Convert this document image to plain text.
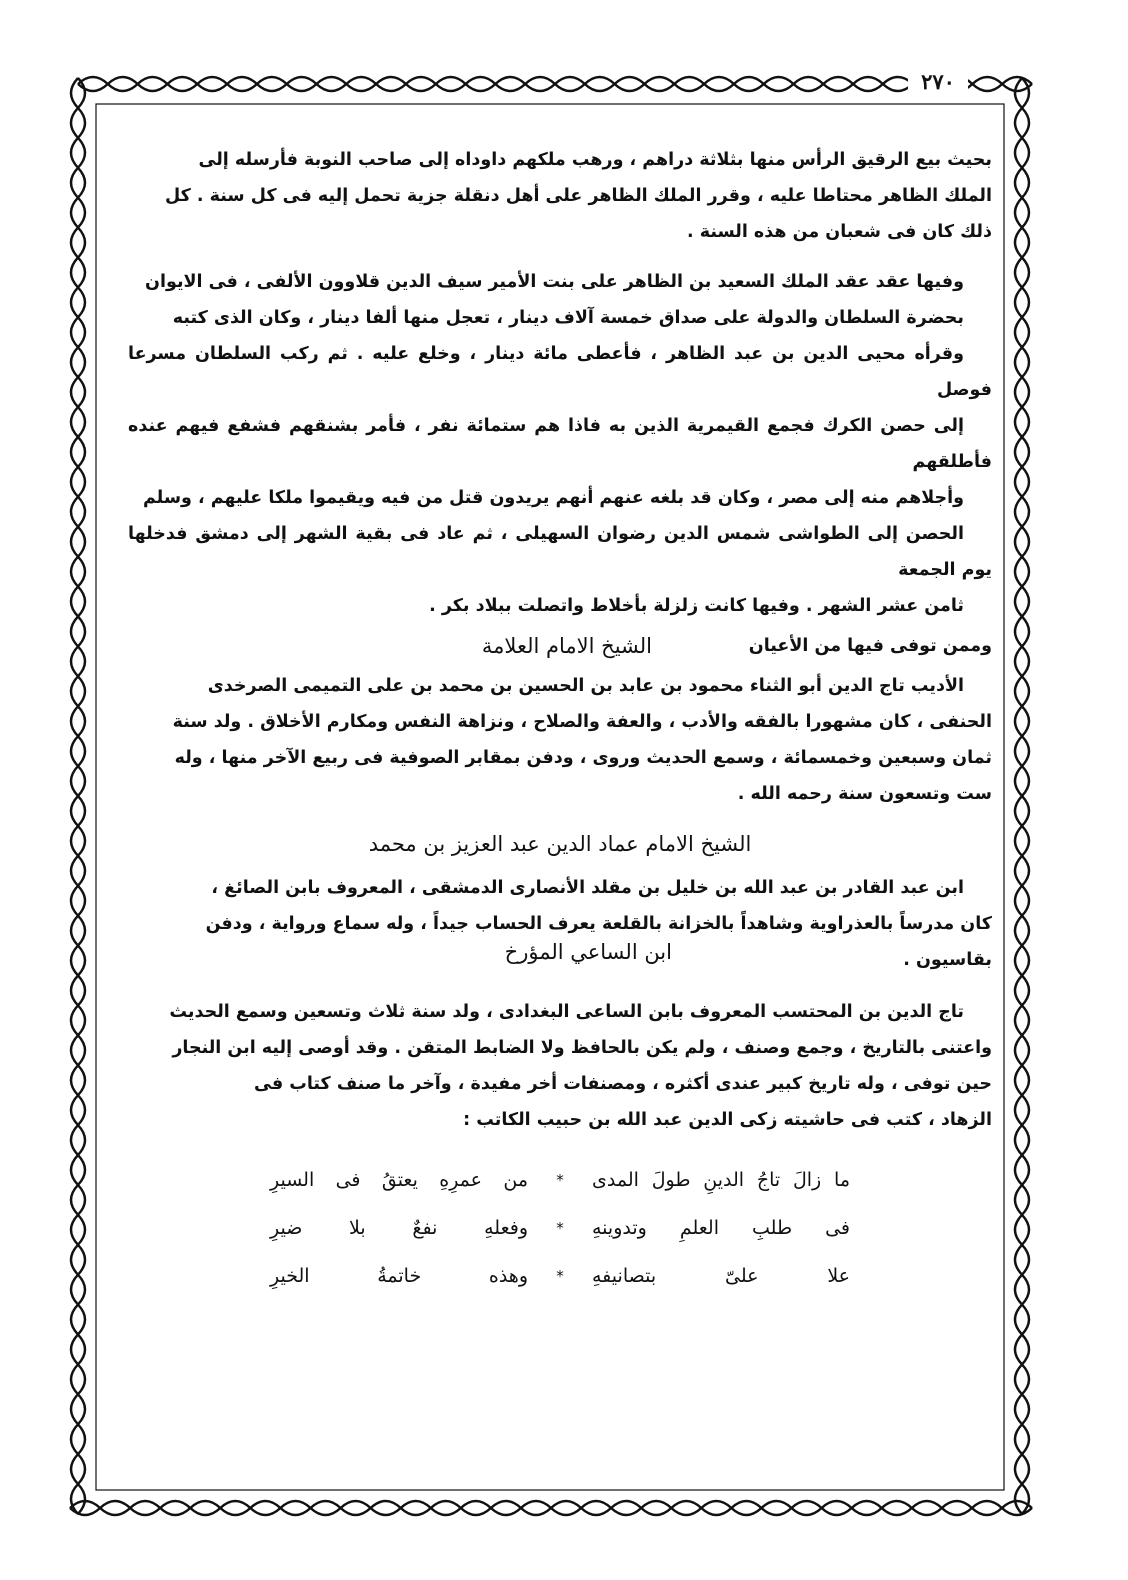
٢٧٠
بحيث بيع الرقيق الرأس منها بثلاثة دراهم ، ورهب ملكهم داوداه إلى صاحب النوبة فأرسله إلى
الملك الظاهر محتاطا عليه ، وقرر الملك الظاهر على أهل دنقلة جزية تحمل إليه فى كل سنة . كل
ذلك كان فى شعبان من هذه السنة .
وفيها عقد عقد الملك السعيد بن الظاهر على بنت الأمير سيف الدين قلاوون الألفى ، فى الايوان
بحضرة السلطان والدولة على صداق خمسة آلاف دينار ، تعجل منها ألفا دينار ، وكان الذى كتبه
وقرأه محيى الدين بن عبد الظاهر ، فأعطى مائة دينار ، وخلع عليه . ثم ركب السلطان مسرعا فوصل
إلى حصن الكرك فجمع القيمرية الذين به فاذا هم ستمائة نفر ، فأمر بشنقهم فشفع فيهم عنده فأطلقهم
وأجلاهم منه إلى مصر ، وكان قد بلغه عنهم أنهم يريدون قتل من فيه ويقيموا ملكا عليهم ، وسلم
الحصن إلى الطواشى شمس الدين رضوان السهيلى ، ثم عاد فى بقية الشهر إلى دمشق فدخلها يوم الجمعة
ثامن عشر الشهر . وفيها كانت زلزلة بأخلاط واتصلت ببلاد بكر .
وممن توفى فيها من الأعيان
الشيخ الامام العلامة
الأديب تاج الدين أبو الثناء محمود بن عابد بن الحسين بن محمد بن على التميمى الصرخدى
الحنفى ، كان مشهورا بالفقه والأدب ، والعفة والصلاح ، ونزاهة النفس ومكارم الأخلاق . ولد سنة
ثمان وسبعين وخمسمائة ، وسمع الحديث وروى ، ودفن بمقابر الصوفية فى ربيع الآخر منها ، وله
ست وتسعون سنة رحمه الله .
الشيخ الامام عماد الدين عبد العزيز بن محمد
ابن عبد القادر بن عبد الله بن خليل بن مقلد الأنصارى الدمشقى ، المعروف بابن الصائغ ،
كان مدرساً بالعذراوية وشاهداً بالخزانة بالقلعة يعرف الحساب جيداً ، وله سماع ورواية ، ودفن
بقاسيون .
ابن الساعي المؤرخ
تاج الدين بن المحتسب المعروف بابن الساعى البغدادى ، ولد سنة ثلاث وتسعين وسمع الحديث
واعتنى بالتاريخ ، وجمع وصنف ، ولم يكن بالحافظ ولا الضابط المتقن . وقد أوصى إليه ابن النجار
حين توفى ، وله تاريخ كبير عندى أكثره ، ومصنفات أخر مفيدة ، وآخر ما صنف كتاب فى
الزهاد ، كتب فى حاشيته زكى الدين عبد الله بن حبيب الكاتب :
ما زالَ تاجُ الدينِ طولَ المدى
*
من عمرِهِ يعتقُ فى السيرِ
فى طلبِ العلمِ وتدوينهِ
*
وفعلهِ نفعٌ بلا ضيرِ
علا علىّ بتصانيفهِ
*
وهذه خاتمةُ الخيرِ
